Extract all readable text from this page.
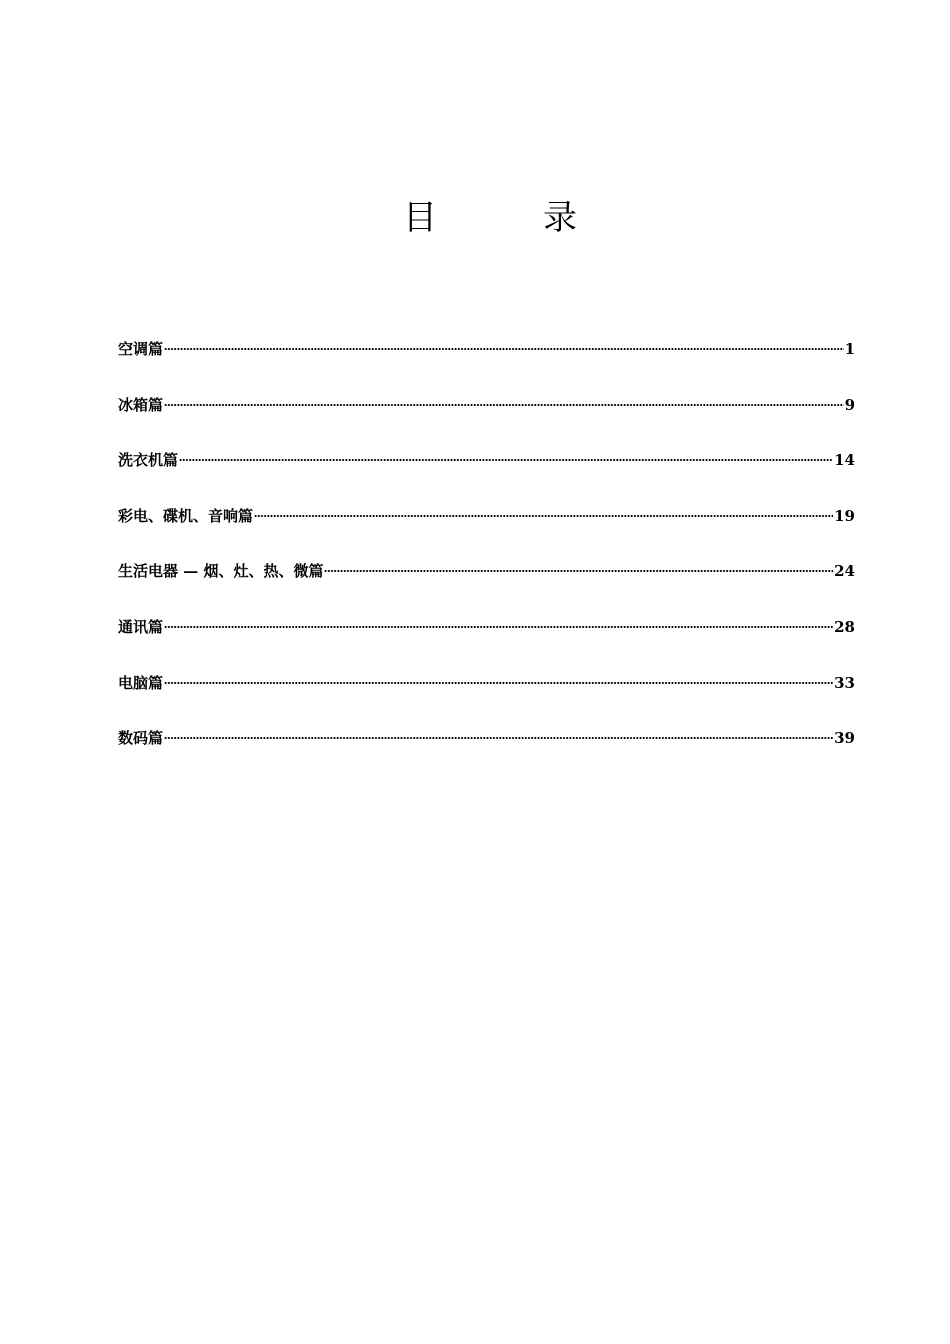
目	录
空调篇	1
冰箱篇	9
洗衣机篇	14
彩电、碟机、音响篇	19
生活电器 — 烟、灶、热、微篇	24
通讯篇	28
电脑篇	33
数码篇	39
